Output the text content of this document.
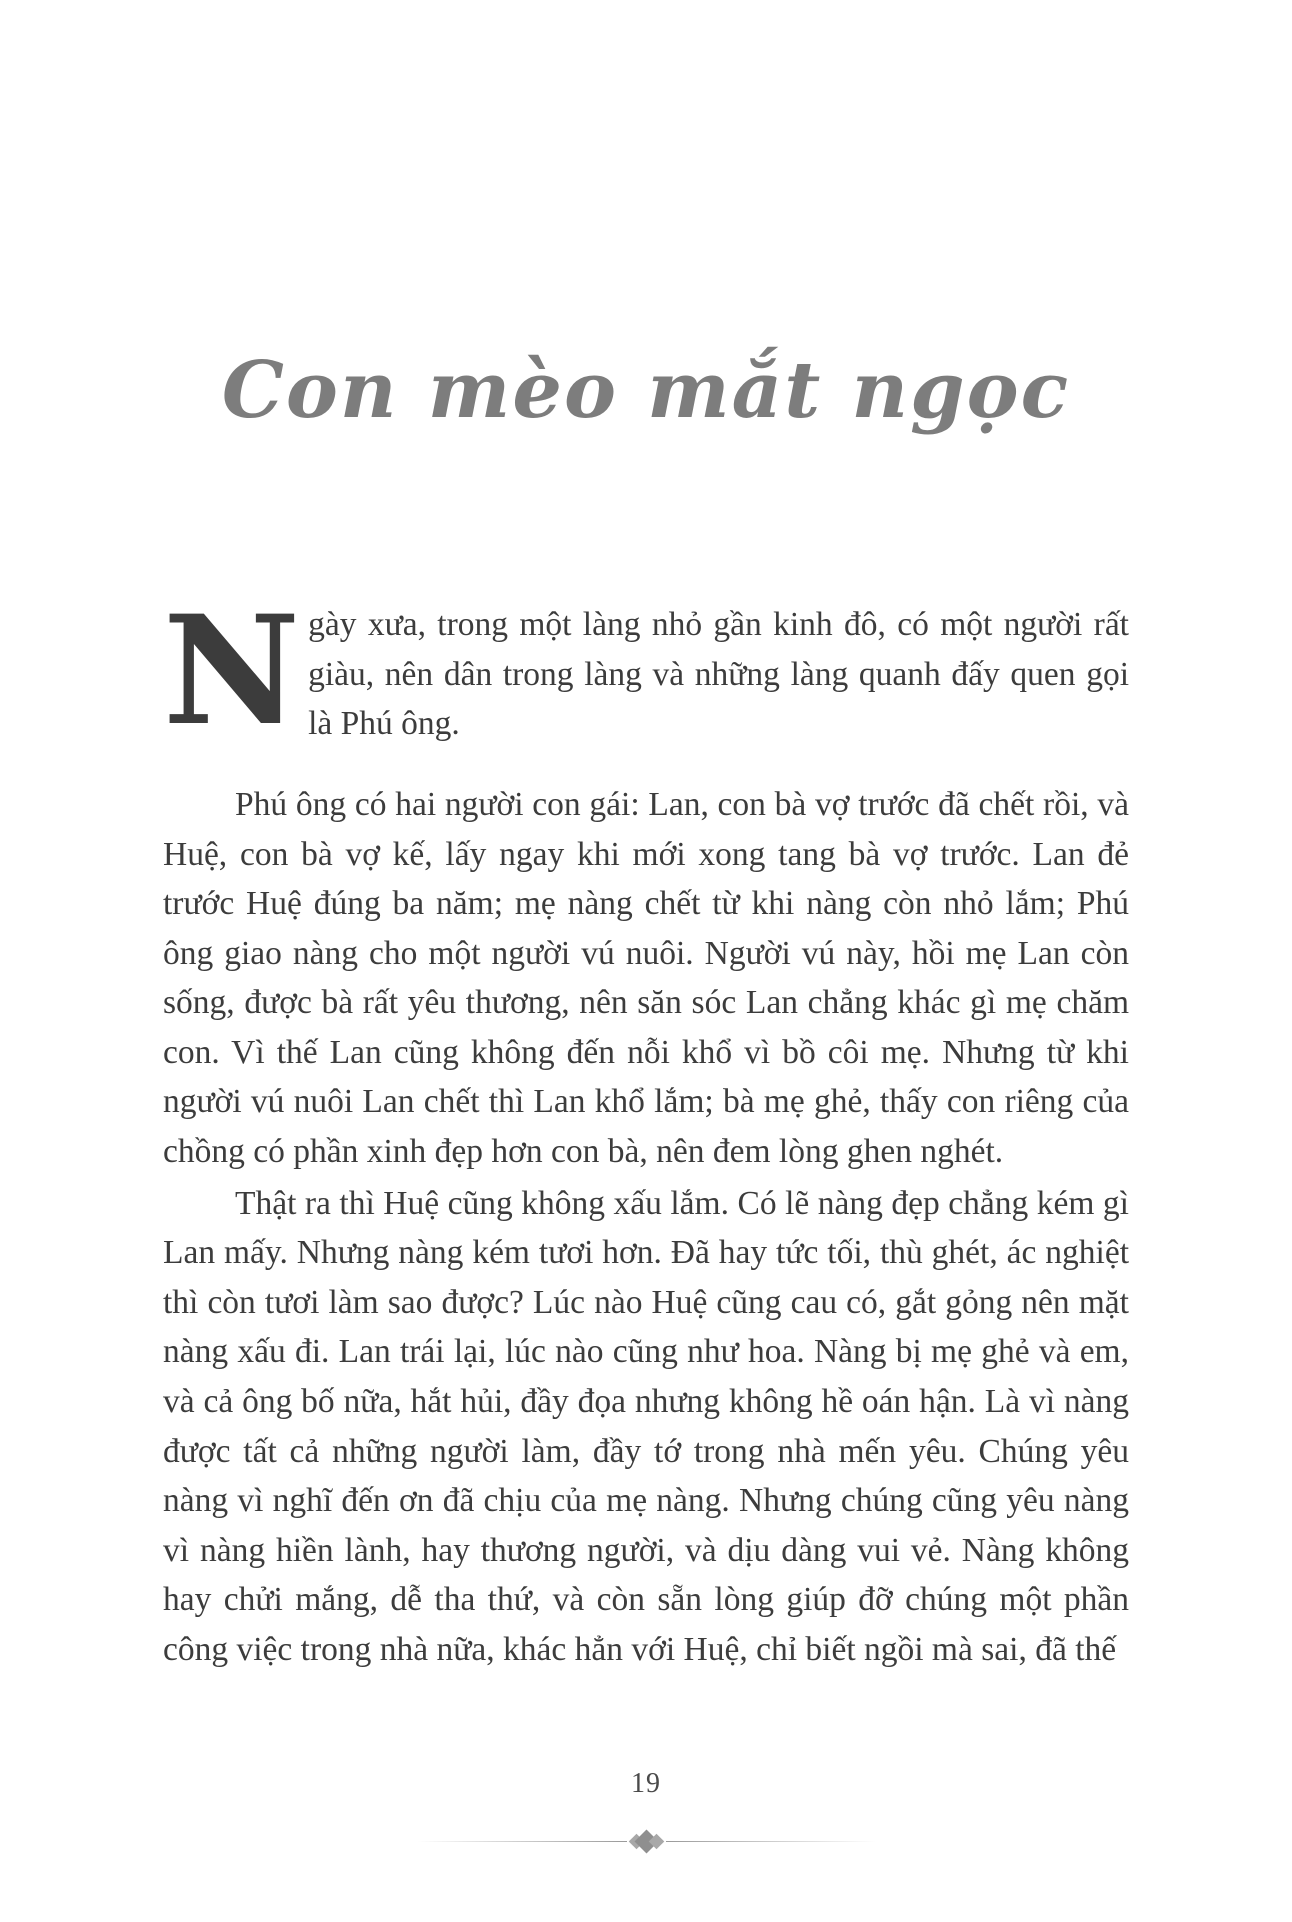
Con mèo mắt ngọc
N gày xưa, trong một làng nhỏ gần kinh đô, có một người rất giàu, nên dân trong làng và những làng quanh đấy quen gọi là Phú ông.

Phú ông có hai người con gái: Lan, con bà vợ trước đã chết rồi, và Huệ, con bà vợ kế, lấy ngay khi mới xong tang bà vợ trước. Lan đẻ trước Huệ đúng ba năm; mẹ nàng chết từ khi nàng còn nhỏ lắm; Phú ông giao nàng cho một người vú nuôi. Người vú này, hồi mẹ Lan còn sống, được bà rất yêu thương, nên săn sóc Lan chẳng khác gì mẹ chăm con. Vì thế Lan cũng không đến nỗi khổ vì bồ côi mẹ. Nhưng từ khi người vú nuôi Lan chết thì Lan khổ lắm; bà mẹ ghẻ, thấy con riêng của chồng có phần xinh đẹp hơn con bà, nên đem lòng ghen nghét.

Thật ra thì Huệ cũng không xấu lắm. Có lẽ nàng đẹp chẳng kém gì Lan mấy. Nhưng nàng kém tươi hơn. Đã hay tức tối, thù ghét, ác nghiệt thì còn tươi làm sao được? Lúc nào Huệ cũng cau có, gắt gỏng nên mặt nàng xấu đi. Lan trái lại, lúc nào cũng như hoa. Nàng bị mẹ ghẻ và em, và cả ông bố nữa, hắt hủi, đầy đọa nhưng không hề oán hận. Là vì nàng được tất cả những người làm, đầy tớ trong nhà mến yêu. Chúng yêu nàng vì nghĩ đến ơn đã chịu của mẹ nàng. Nhưng chúng cũng yêu nàng vì nàng hiền lành, hay thương người, và dịu dàng vui vẻ. Nàng không hay chửi mắng, dễ tha thứ, và còn sẵn lòng giúp đỡ chúng một phần công việc trong nhà nữa, khác hẳn với Huệ, chỉ biết ngồi mà sai, đã thế

19
